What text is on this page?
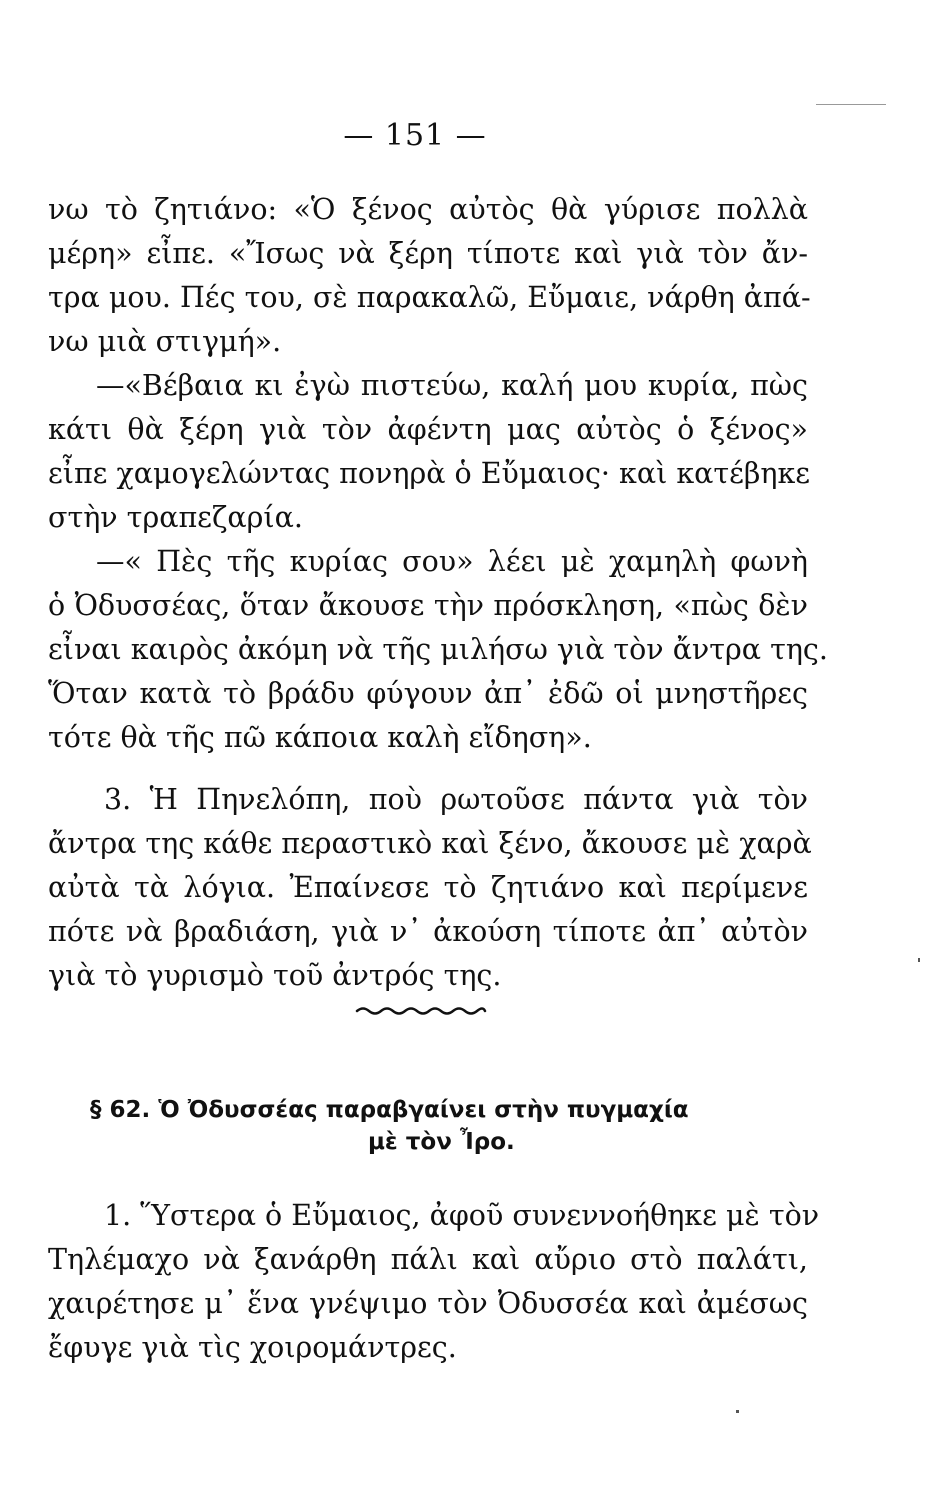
— 151 —
νω τὸ ζητιάνο: «Ὁ ξένος αὐτὸς θὰ γύρισε πολλὰ
μέρη» εἶπε. «Ἴσως νὰ ξέρη τίποτε καὶ γιὰ τὸν ἄν-
τρα μου. Πές του, σὲ παρακαλῶ, Εὔμαιε, νάρθη ἀπά-
νω μιὰ στιγμή».
—«Βέβαια κι ἐγὼ πιστεύω, καλή μου κυρία, πὼς
κάτι θὰ ξέρη γιὰ τὸν ἀφέντη μας αὐτὸς ὁ ξένος»
εἶπε χαμογελώντας πονηρὰ ὁ Εὔμαιος· καὶ κατέβηκε
στὴν τραπεζαρία.
—« Πὲς τῆς κυρίας σου» λέει μὲ χαμηλὴ φωνὴ
ὁ Ὀδυσσέας, ὅταν ἄκουσε τὴν πρόσκληση, «πὼς δὲν
εἶναι καιρὸς ἀκόμη νὰ τῆς μιλήσω γιὰ τὸν ἄντρα της.
Ὅταν κατὰ τὸ βράδυ φύγουν ἀπ᾽ ἐδῶ οἱ μνηστῆρες
τότε θὰ τῆς πῶ κάποια καλὴ εἴδηση».
3. Ἡ Πηνελόπη, ποὺ ρωτοῦσε πάντα γιὰ τὸν
ἄντρα της κάθε περαστικὸ καὶ ξένο, ἄκουσε μὲ χαρὰ
αὐτὰ τὰ λόγια. Ἐπαίνεσε τὸ ζητιάνο καὶ περίμενε
πότε νὰ βραδιάση, γιὰ ν᾽ ἀκούση τίποτε ἀπ᾽ αὐτὸν
γιὰ τὸ γυρισμὸ τοῦ ἀντρός της.
§ 62. Ὁ Ὀδυσσέας παραβγαίνει στὴν πυγμαχία
μὲ τὸν Ἶρο.
1. Ὕστερα ὁ Εὔμαιος, ἀφοῦ συνεννοήθηκε μὲ τὸν
Τηλέμαχο νὰ ξανάρθη πάλι καὶ αὔριο στὸ παλάτι,
χαιρέτησε μ᾽ ἕνα γνέψιμο τὸν Ὀδυσσέα καὶ ἀμέσως
ἔφυγε γιὰ τὶς χοιρομάντρες.
